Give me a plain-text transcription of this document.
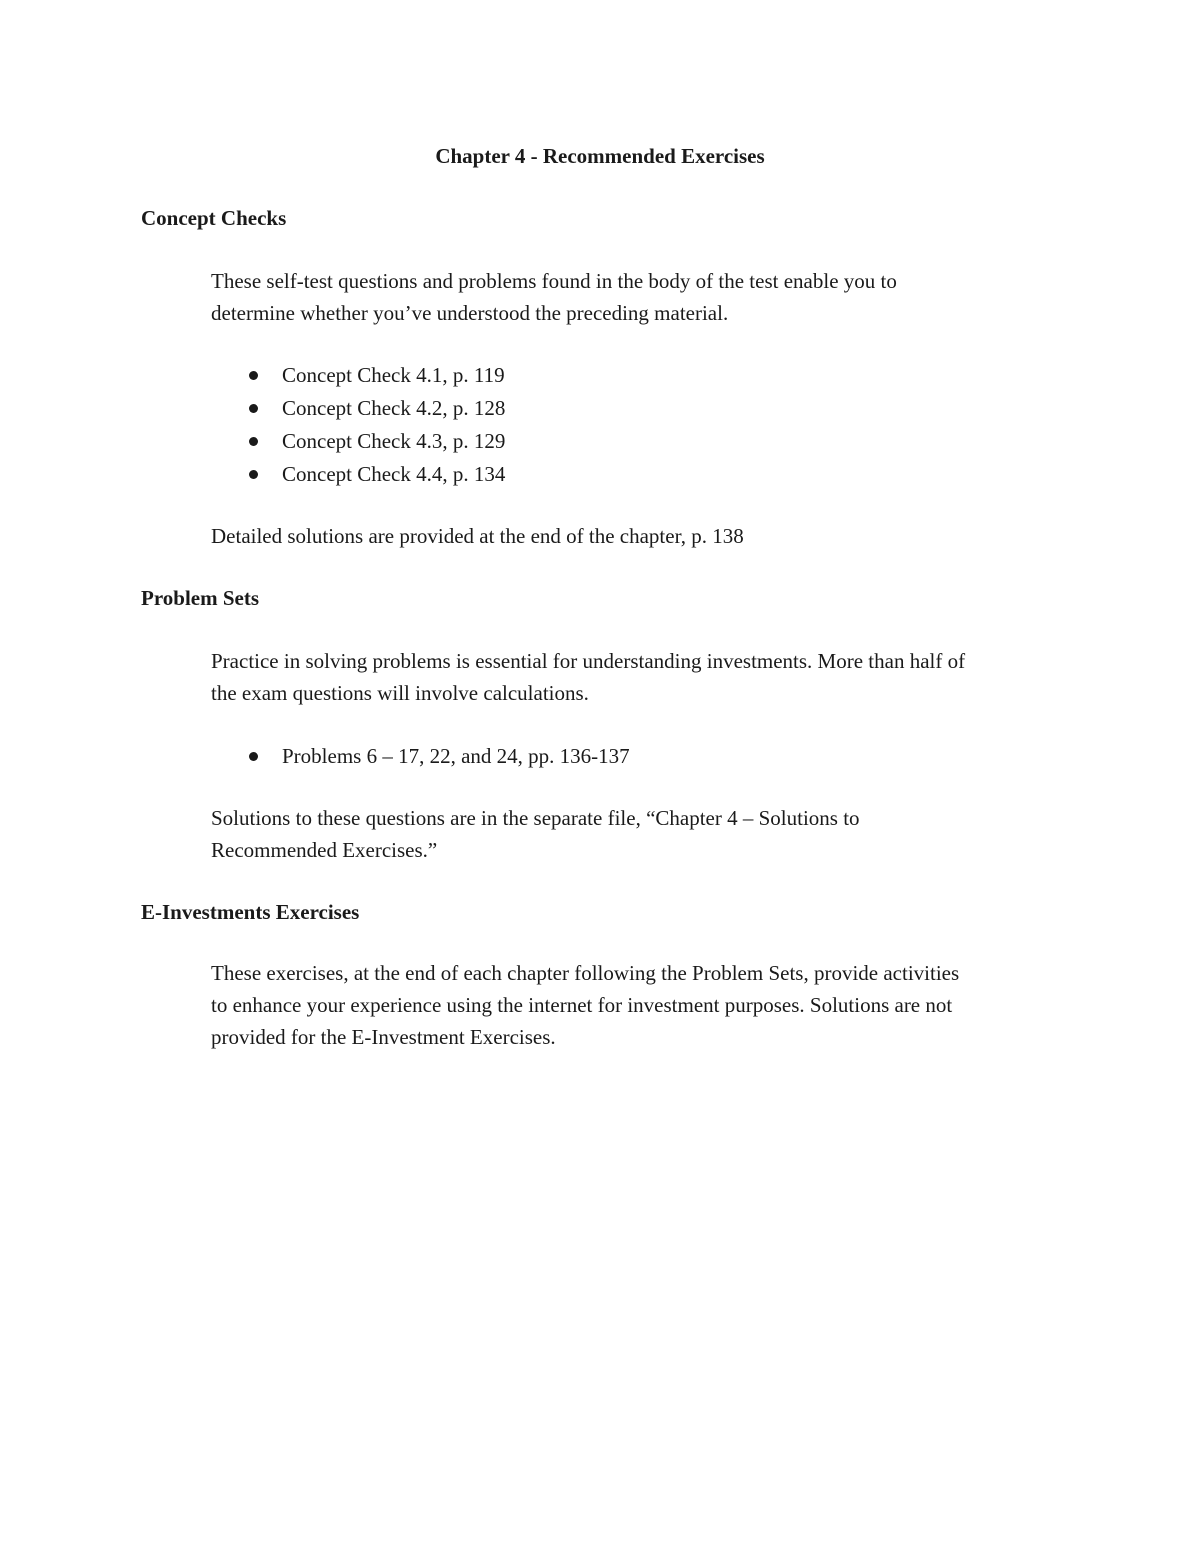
Chapter 4 - Recommended Exercises
Concept Checks
These self-test questions and problems found in the body of the test enable you to
determine whether you’ve understood the preceding material.
Concept Check 4.1, p. 119
Concept Check 4.2, p. 128
Concept Check 4.3, p. 129
Concept Check 4.4, p. 134
Detailed solutions are provided at the end of the chapter, p. 138
Problem Sets
Practice in solving problems is essential for understanding investments. More than half of
the exam questions will involve calculations.
Problems 6 – 17, 22, and 24, pp. 136-137
Solutions to these questions are in the separate file, “Chapter 4 – Solutions to
Recommended Exercises.”
E-Investments Exercises
These exercises, at the end of each chapter following the Problem Sets, provide activities
to enhance your experience using the internet for investment purposes. Solutions are not
provided for the E-Investment Exercises.
